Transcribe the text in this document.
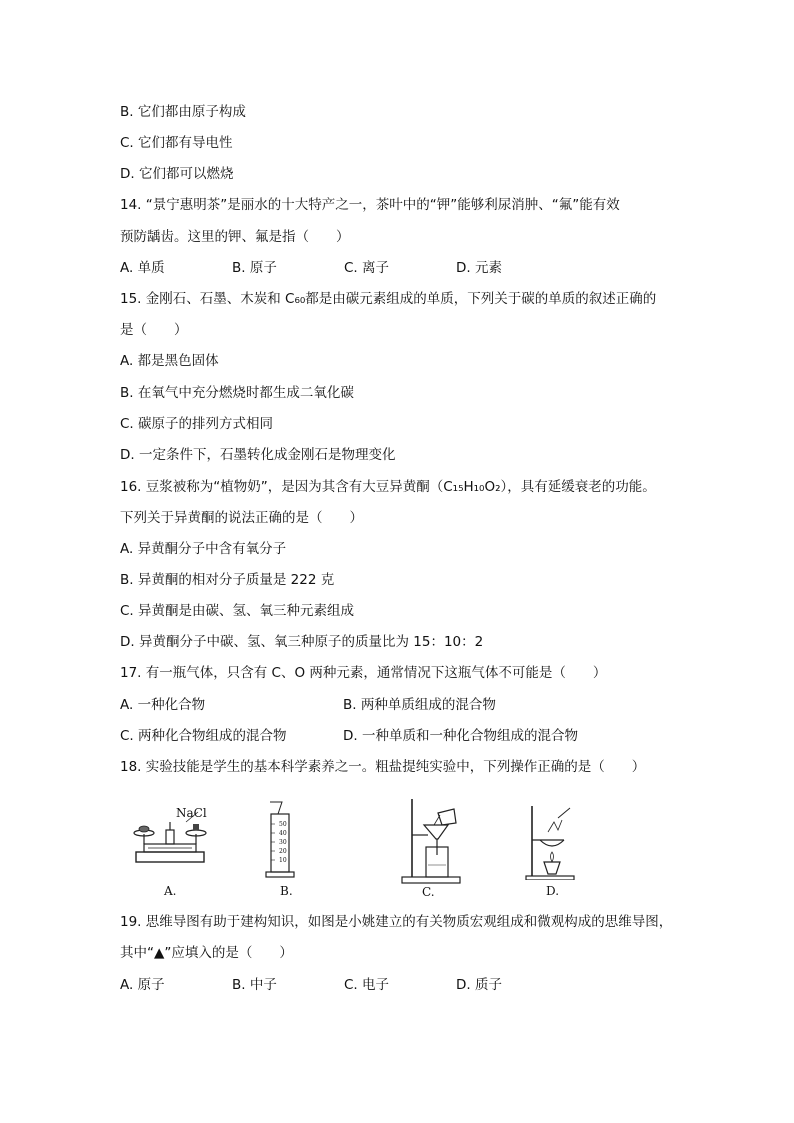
B. 它们都由原子构成
C. 它们都有导电性
D. 它们都可以燃烧
14. “景宁惠明茶”是丽水的十大特产之一，茶叶中的“钾”能够利尿消肿、“氟”能有效
预防龋齿。这里的钾、氟是指（　　）
A. 单质	B. 原子	C. 离子	D. 元素
15. 金刚石、石墨、木炭和 C₆₀都是由碳元素组成的单质，下列关于碳的单质的叙述正确的
是（　　）
A. 都是黑色固体
B. 在氧气中充分燃烧时都生成二氧化碳
C. 碳原子的排列方式相同
D. 一定条件下，石墨转化成金刚石是物理变化
16. 豆浆被称为“植物奶”，是因为其含有大豆异黄酮（C₁₅H₁₀O₂），具有延缓衰老的功能。
下列关于异黄酮的说法正确的是（　　）
A. 异黄酮分子中含有氧分子
B. 异黄酮的相对分子质量是 222 克
C. 异黄酮是由碳、氢、氧三种元素组成
D. 异黄酮分子中碳、氢、氧三种原子的质量比为 15：10：2
17. 有一瓶气体，只含有 C、O 两种元素，通常情况下这瓶气体不可能是（　　）
A. 一种化合物	B. 两种单质组成的混合物
C. 两种化合物组成的混合物	D. 一种单质和一种化合物组成的混合物
18. 实验技能是学生的基本科学素养之一。粗盐提纯实验中，下列操作正确的是（　　）
NaCl
A.
50
40
30
20
10
B.	C.	D.
19. 思维导图有助于建构知识，如图是小姚建立的有关物质宏观组成和微观构成的思维导图，
其中“▲”应填入的是（　　）
A. 原子	B. 中子	C. 电子	D. 质子
